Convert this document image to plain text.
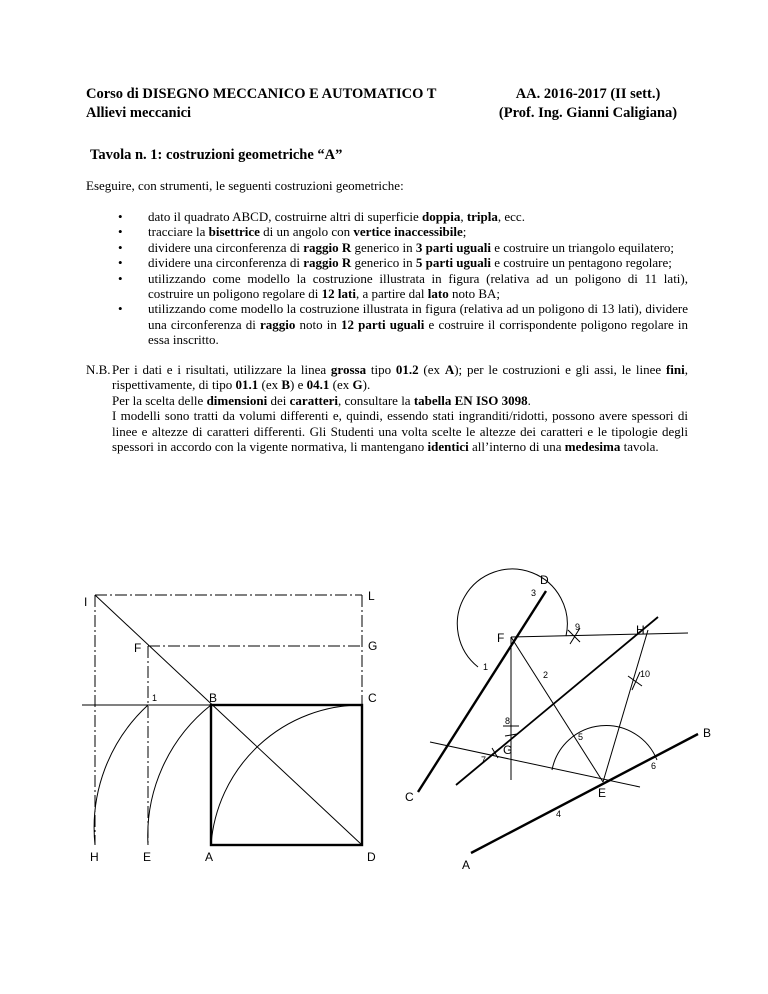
Corso di DISEGNO MECCANICO E AUTOMATICO T
Allievi meccanici
AA. 2016-2017 (II sett.)
(Prof. Ing. Gianni Caligiana)
Tavola n. 1: costruzioni geometriche “A”
Eseguire, con strumenti, le seguenti costruzioni geometriche:
• dato il quadrato ABCD, costruirne altri di superficie doppia, tripla, ecc.
• tracciare la bisettrice di un angolo con vertice inaccessibile;
• dividere una circonferenza di raggio R generico in 3 parti uguali e costruire un triangolo equilatero;
• dividere una circonferenza di raggio R generico in 5 parti uguali e costruire un pentagono regolare;
• utilizzando come modello la costruzione illustrata in figura (relativa ad un poligono di 11 lati), costruire un poligono regolare di 12 lati, a partire dal lato noto BA;
• utilizzando come modello la costruzione illustrata in figura (relativa ad un poligono di 13 lati), dividere una circonferenza di raggio noto in 12 parti uguali e costruire il corrispondente poligono regolare in essa inscritto.
N.B. Per i dati e i risultati, utilizzare la linea grossa tipo 01.2 (ex A); per le costruzioni e gli assi, le linee fini, rispettivamente, di tipo 01.1 (ex B) e 04.1 (ex G).

Per la scelta delle dimensioni dei caratteri, consultare la tabella EN ISO 3098.

I modelli sono tratti da volumi differenti e, quindi, essendo stati ingranditi/ridotti, possono avere spessori di linee e altezze di caratteri differenti. Gli Studenti una volta scelte le altezze dei caratteri e le tipologie degli spessori in accordo con la vigente normativa, li mantengano identici all’interno di una medesima tavola.

I	L
F	G
1	B	C
H	E	A	D
D
3
F
9	H
1
2	10
8
G
7
5	B
6
C	E
4
A
